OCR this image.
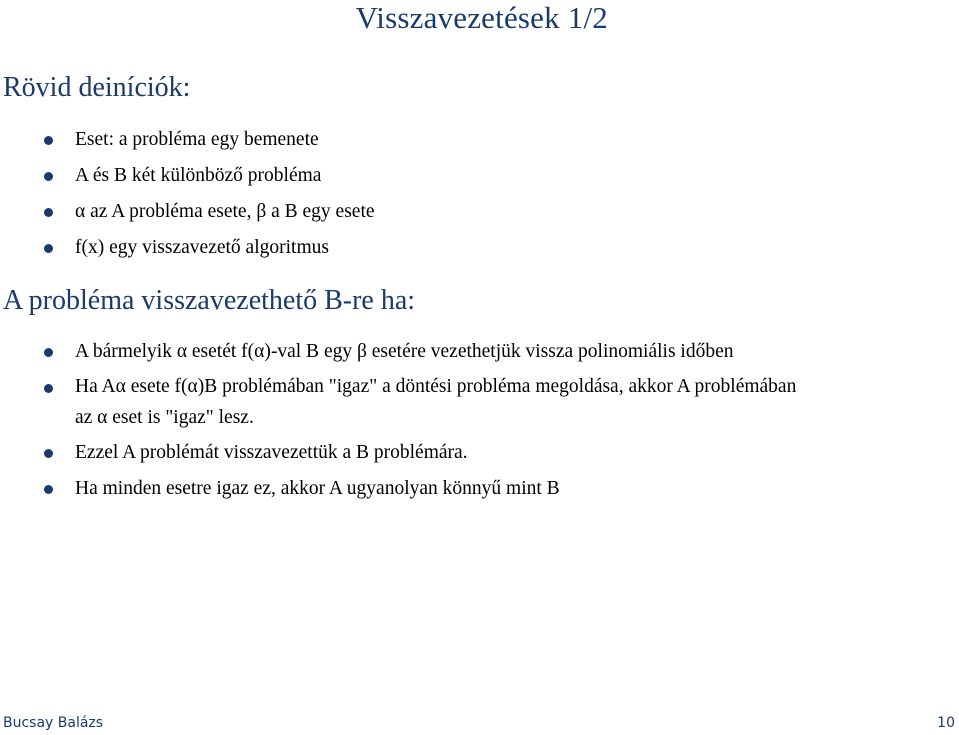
Visszavezetések 1/2
Rövid deiníciók:
Eset: a probléma egy bemenete
A és B két különböző probléma
α az A probléma esete, β a B egy esete
f(x) egy visszavezető algoritmus
A probléma visszavezethető B-re ha:
A bármelyik α esetét f(α)-val B egy β esetére vezethetjük vissza polinomiális időben
Ha Aα esete f(α)B problémában "igaz" a döntési probléma megoldása, akkor A problémában
az α eset is "igaz" lesz.
Ezzel A problémát visszavezettük a B problémára.
Ha minden esetre igaz ez, akkor A ugyanolyan könnyű mint B
Bucsay Balázs	10
